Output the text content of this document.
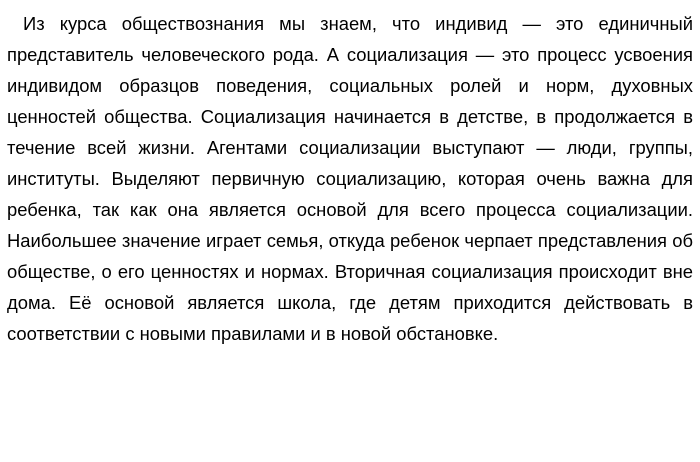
Из курса обществознания мы знаем, что индивид — это единичный представитель человеческого рода. А социализация — это процесс усвоения индивидом образцов поведения, социальных ролей и норм, духовных ценностей общества. Социализация начинается в детстве, в продолжается в течение всей жизни. Агентами социализации выступают — люди, группы, институты. Выделяют первичную социализацию, которая очень важна для ребенка, так как она является основой для всего процесса социализации. Наибольшее значение играет семья, откуда ребенок черпает представления об обществе, о его ценностях и нормах. Вторичная социализация происходит вне дома. Её основой является школа, где детям приходится действовать в соответствии с новыми правилами и в новой обстановке.
